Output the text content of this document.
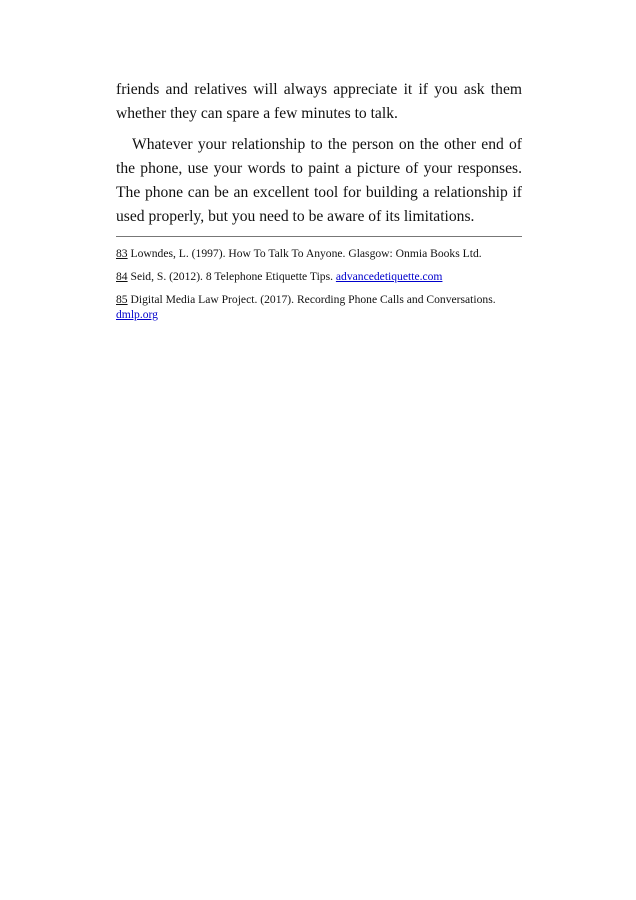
friends and relatives will always appreciate it if you ask them whether they can spare a few minutes to talk.

Whatever your relationship to the person on the other end of the phone, use your words to paint a picture of your responses. The phone can be an excellent tool for building a relationship if used properly, but you need to be aware of its limitations.

83 Lowndes, L. (1997). How To Talk To Anyone. Glasgow: Onmia Books Ltd.

84 Seid, S. (2012). 8 Telephone Etiquette Tips. advancedetiquette.com

85 Digital Media Law Project. (2017). Recording Phone Calls and Conversations. dmlp.org
